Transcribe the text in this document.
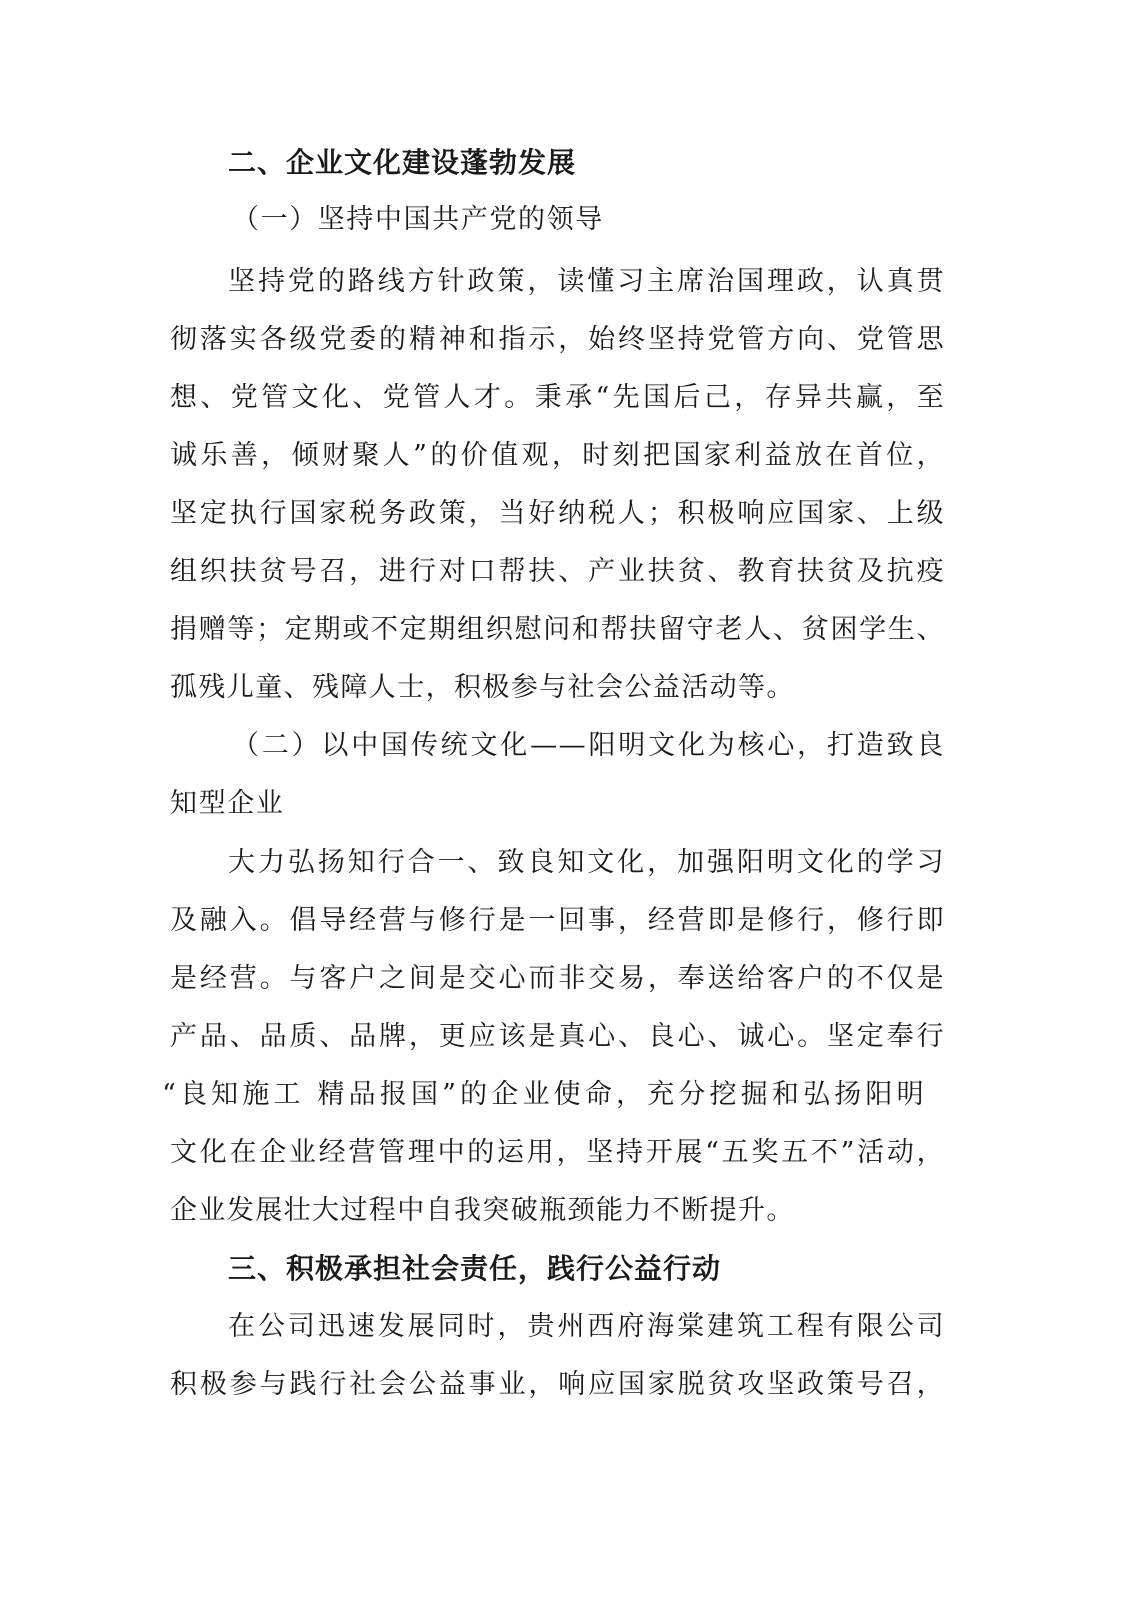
二、企业文化建设蓬勃发展
（一）坚持中国共产党的领导
坚持党的路线方针政策，读懂习主席治国理政，认真贯
彻落实各级党委的精神和指示，始终坚持党管方向、党管思
想、党管文化、党管人才。秉承“先国后己，存异共赢，至
诚乐善，倾财聚人”的价值观，时刻把国家利益放在首位，
坚定执行国家税务政策，当好纳税人；积极响应国家、上级
组织扶贫号召，进行对口帮扶、产业扶贫、教育扶贫及抗疫
捐赠等；定期或不定期组织慰问和帮扶留守老人、贫困学生、
孤残儿童、残障人士，积极参与社会公益活动等。
（二）以中国传统文化——阳明文化为核心，打造致良
知型企业
大力弘扬知行合一、致良知文化，加强阳明文化的学习
及融入。倡导经营与修行是一回事，经营即是修行，修行即
是经营。与客户之间是交心而非交易，奉送给客户的不仅是
产品、品质、品牌，更应该是真心、良心、诚心。坚定奉行
“良知施工 精品报国”的企业使命，充分挖掘和弘扬阳明
文化在企业经营管理中的运用，坚持开展“五奖五不”活动，
企业发展壮大过程中自我突破瓶颈能力不断提升。
三、积极承担社会责任，践行公益行动
在公司迅速发展同时，贵州西府海棠建筑工程有限公司
积极参与践行社会公益事业，响应国家脱贫攻坚政策号召，
